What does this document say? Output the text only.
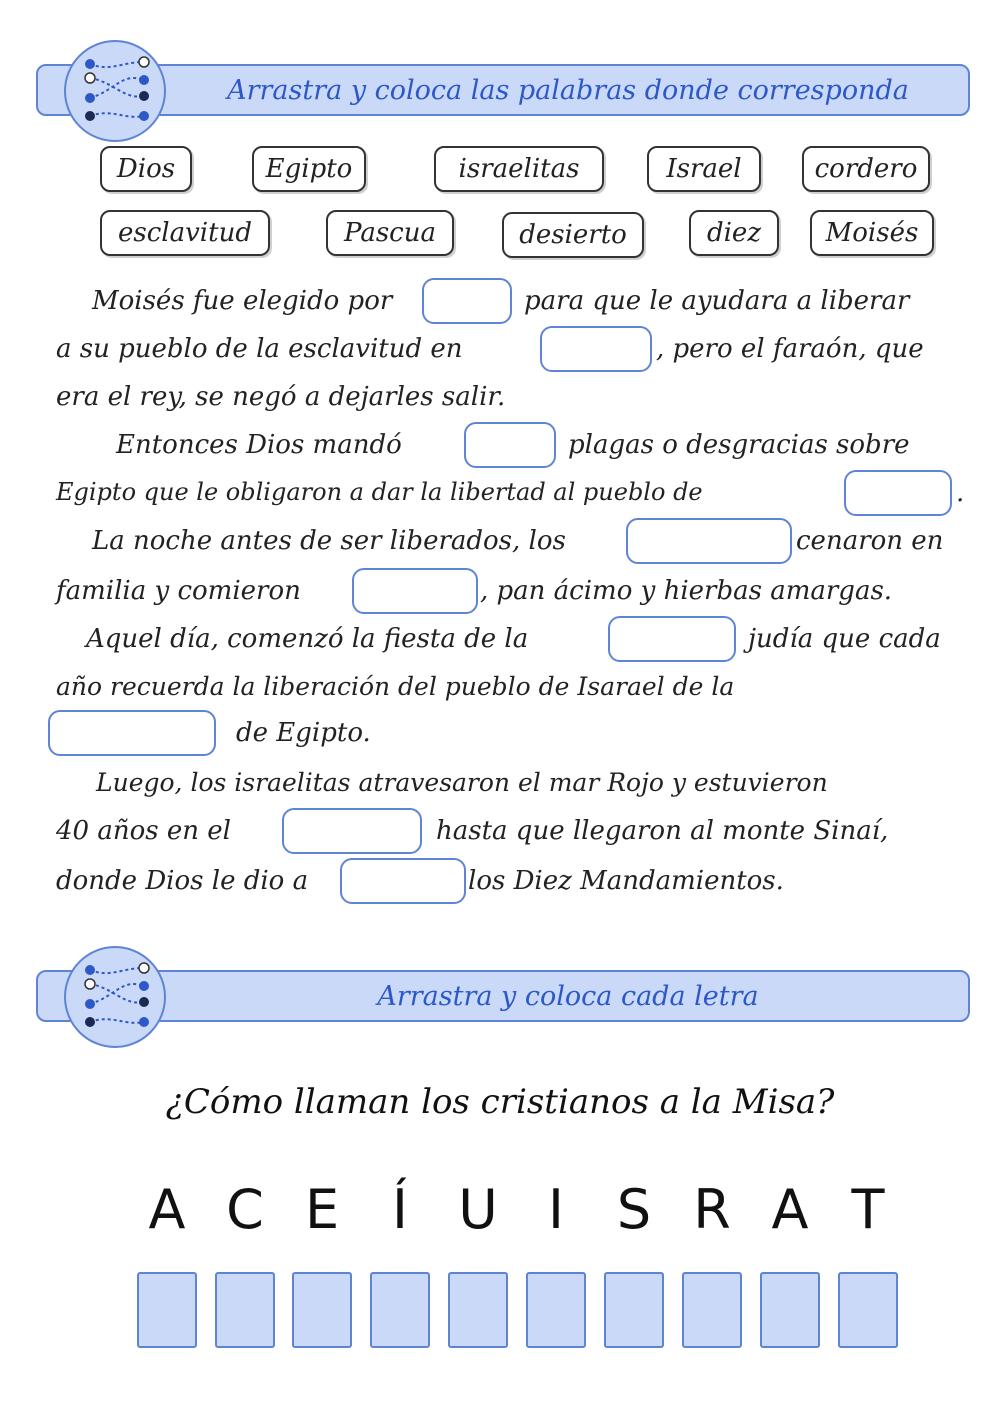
Arrastra y coloca las palabras donde corresponda
Dios	Egipto	israelitas	Israel	cordero
esclavitud	Pascua	desierto	diez	Moisés
Moisés fue elegido por	para que le ayudara a liberar
a su pueblo de la esclavitud en	, pero el faraón, que
era el rey, se negó a dejarles salir.
Entonces Dios mandó	plagas o desgracias sobre
Egipto que le obligaron a dar la libertad al pueblo de	.
La noche antes de ser liberados, los	cenaron en
familia y comieron	, pan ácimo y hierbas amargas.
Aquel día, comenzó la fiesta de la	judía que cada
año recuerda la liberación del pueblo de Isarael de la
de Egipto.
Luego, los israelitas atravesaron el mar Rojo y estuvieron
40 años en el	hasta que llegaron al monte Sinaí,
donde Dios le dio a	los Diez Mandamientos.
Arrastra y coloca cada letra
¿Cómo llaman los cristianos a la Misa?
A C E Í U I S R A T
